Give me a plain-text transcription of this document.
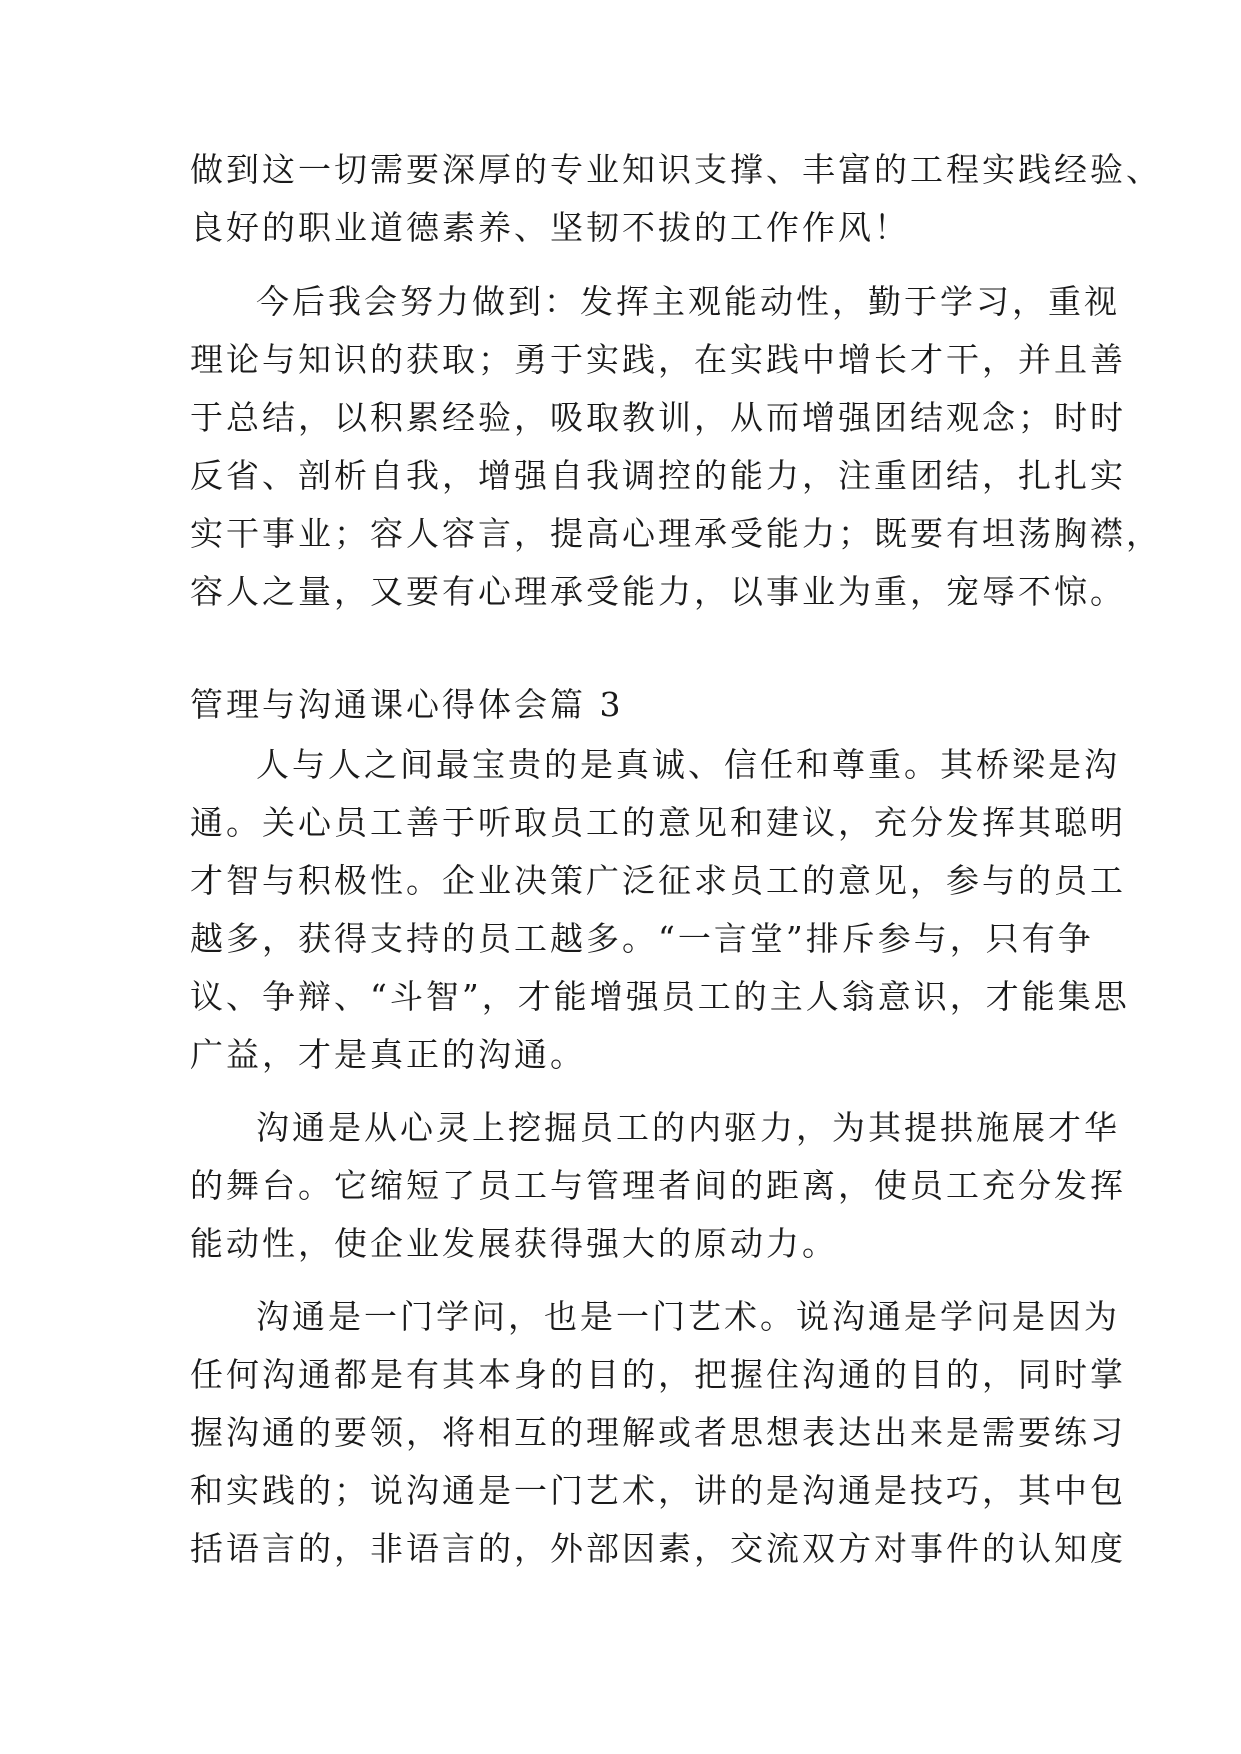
做到这一切需要深厚的专业知识支撑、丰富的工程实践经验、
良好的职业道德素养、坚韧不拔的工作作风！
今后我会努力做到：发挥主观能动性，勤于学习，重视
理论与知识的获取；勇于实践，在实践中增长才干，并且善
于总结，以积累经验，吸取教训，从而增强团结观念；时时
反省、剖析自我，增强自我调控的能力，注重团结，扎扎实
实干事业；容人容言，提高心理承受能力；既要有坦荡胸襟，
容人之量，又要有心理承受能力，以事业为重，宠辱不惊。
管理与沟通课心得体会篇 3
人与人之间最宝贵的是真诚、信任和尊重。其桥梁是沟
通。关心员工善于听取员工的意见和建议，充分发挥其聪明
才智与积极性。企业决策广泛征求员工的意见，参与的员工
越多，获得支持的员工越多。“一言堂”排斥参与，只有争
议、争辩、“斗智”，才能增强员工的主人翁意识，才能集思
广益，才是真正的沟通。
沟通是从心灵上挖掘员工的内驱力，为其提拱施展才华
的舞台。它缩短了员工与管理者间的距离，使员工充分发挥
能动性，使企业发展获得强大的原动力。
沟通是一门学问，也是一门艺术。说沟通是学问是因为
任何沟通都是有其本身的目的，把握住沟通的目的，同时掌
握沟通的要领，将相互的理解或者思想表达出来是需要练习
和实践的；说沟通是一门艺术，讲的是沟通是技巧，其中包
括语言的，非语言的，外部因素，交流双方对事件的认知度
